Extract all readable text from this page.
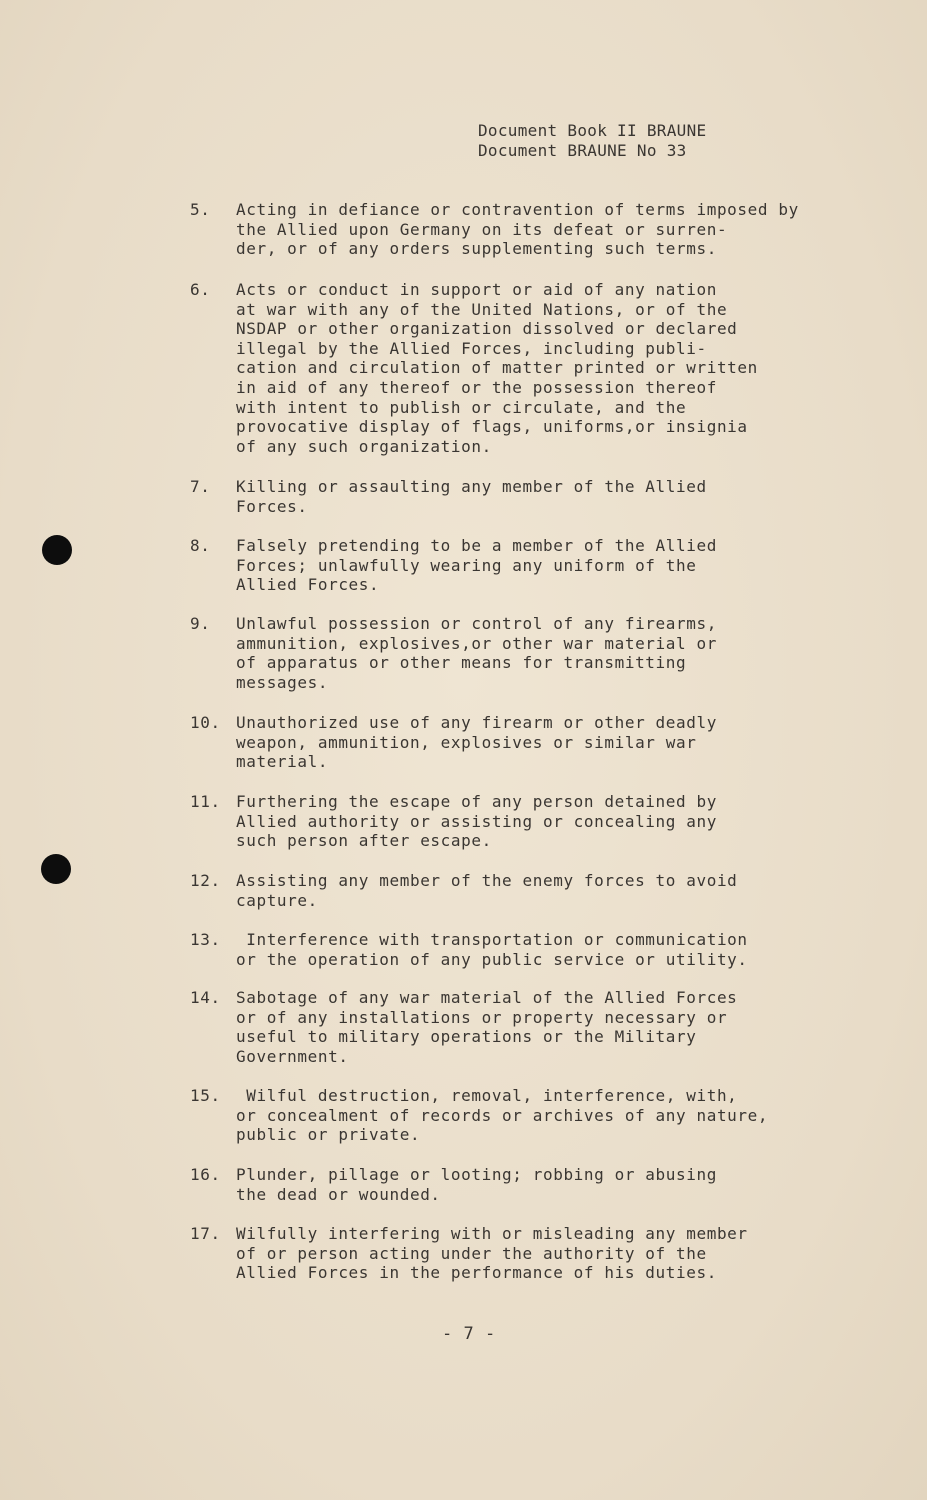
Document Book II BRAUNE
Document BRAUNE No 33
5. Acting in defiance or contravention of terms imposed by
the Allied upon Germany on its defeat or surren-
der, or of any orders supplementing such terms.
6. Acts or conduct in support or aid of any nation
at war with any of the United Nations, or of the
NSDAP or other organization dissolved or declared
illegal by the Allied Forces, including publi-
cation and circulation of matter printed or written
in aid of any thereof or the possession thereof
with intent to publish or circulate, and the
provocative display of flags, uniforms,or insignia
of any such organization.
7. Killing or assaulting any member of the Allied
Forces.
8. Falsely pretending to be a member of the Allied
Forces; unlawfully wearing any uniform of the
Allied Forces.
9. Unlawful possession or control of any firearms,
ammunition, explosives,or other war material or
of apparatus or other means for transmitting
messages.
10. Unauthorized use of any firearm or other deadly
weapon, ammunition, explosives or similar war
material.
11. Furthering the escape of any person detained by
Allied authority or assisting or concealing any
such person after escape.
12. Assisting any member of the enemy forces to avoid
capture.
13. Interference with transportation or communication
or the operation of any public service or utility.
14. Sabotage of any war material of the Allied Forces
or of any installations or property necessary or
useful to military operations or the Military
Government.
15. Wilful destruction, removal, interference, with,
or concealment of records or archives of any nature,
public or private.
16. Plunder, pillage or looting; robbing or abusing
the dead or wounded.
17. Wilfully interfering with or misleading any member
of or person acting under the authority of the
Allied Forces in the performance of his duties.
- 7 -
